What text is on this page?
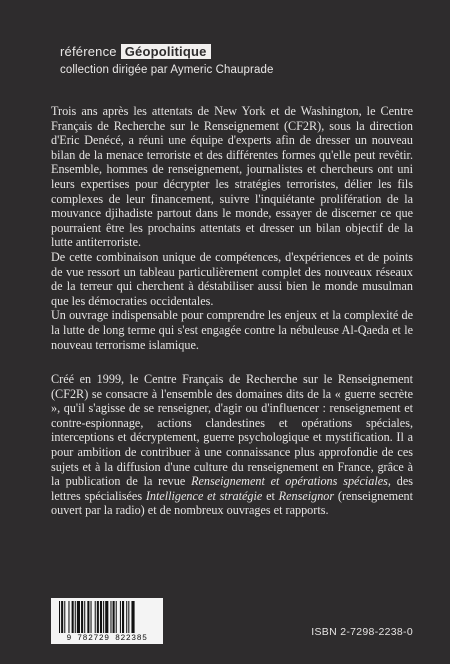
référence Géopolitique
collection dirigée par Aymeric Chauprade

Trois ans après les attentats de New York et de Washington, le Centre Français de Recherche sur le Renseignement (CF2R), sous la direction d'Eric Denécé, a réuni une équipe d'experts afin de dresser un nouveau bilan de la menace terroriste et des différentes formes qu'elle peut revêtir. Ensemble, hommes de renseignement, journalistes et chercheurs ont uni leurs expertises pour décrypter les stratégies terroristes, délier les fils complexes de leur financement, suivre l'inquiétante prolifération de la mouvance djihadiste partout dans le monde, essayer de discerner ce que pourraient être les prochains attentats et dresser un bilan objectif de la lutte antiterroriste.

De cette combinaison unique de compétences, d'expériences et de points de vue ressort un tableau particulièrement complet des nouveaux réseaux de la terreur qui cherchent à déstabiliser aussi bien le monde musulman que les démocraties occidentales.

Un ouvrage indispensable pour comprendre les enjeux et la complexité de la lutte de long terme qui s'est engagée contre la nébuleuse Al-Qaeda et le nouveau terrorisme islamique.

Créé en 1999, le Centre Français de Recherche sur le Renseignement (CF2R) se consacre à l'ensemble des domaines dits de la « guerre secrète », qu'il s'agisse de se renseigner, d'agir ou d'influencer : renseignement et contre-espionnage, actions clandestines et opérations spéciales, interceptions et décryptement, guerre psychologique et mystification. Il a pour ambition de contribuer à une connaissance plus approfondie de ces sujets et à la diffusion d'une culture du renseignement en France, grâce à la publication de la revue Renseignement et opérations spéciales, des lettres spécialisées Intelligence et stratégie et Renseignor (renseignement ouvert par la radio) et de nombreux ouvrages et rapports.

9 782729 822385
ISBN 2-7298-2238-0
